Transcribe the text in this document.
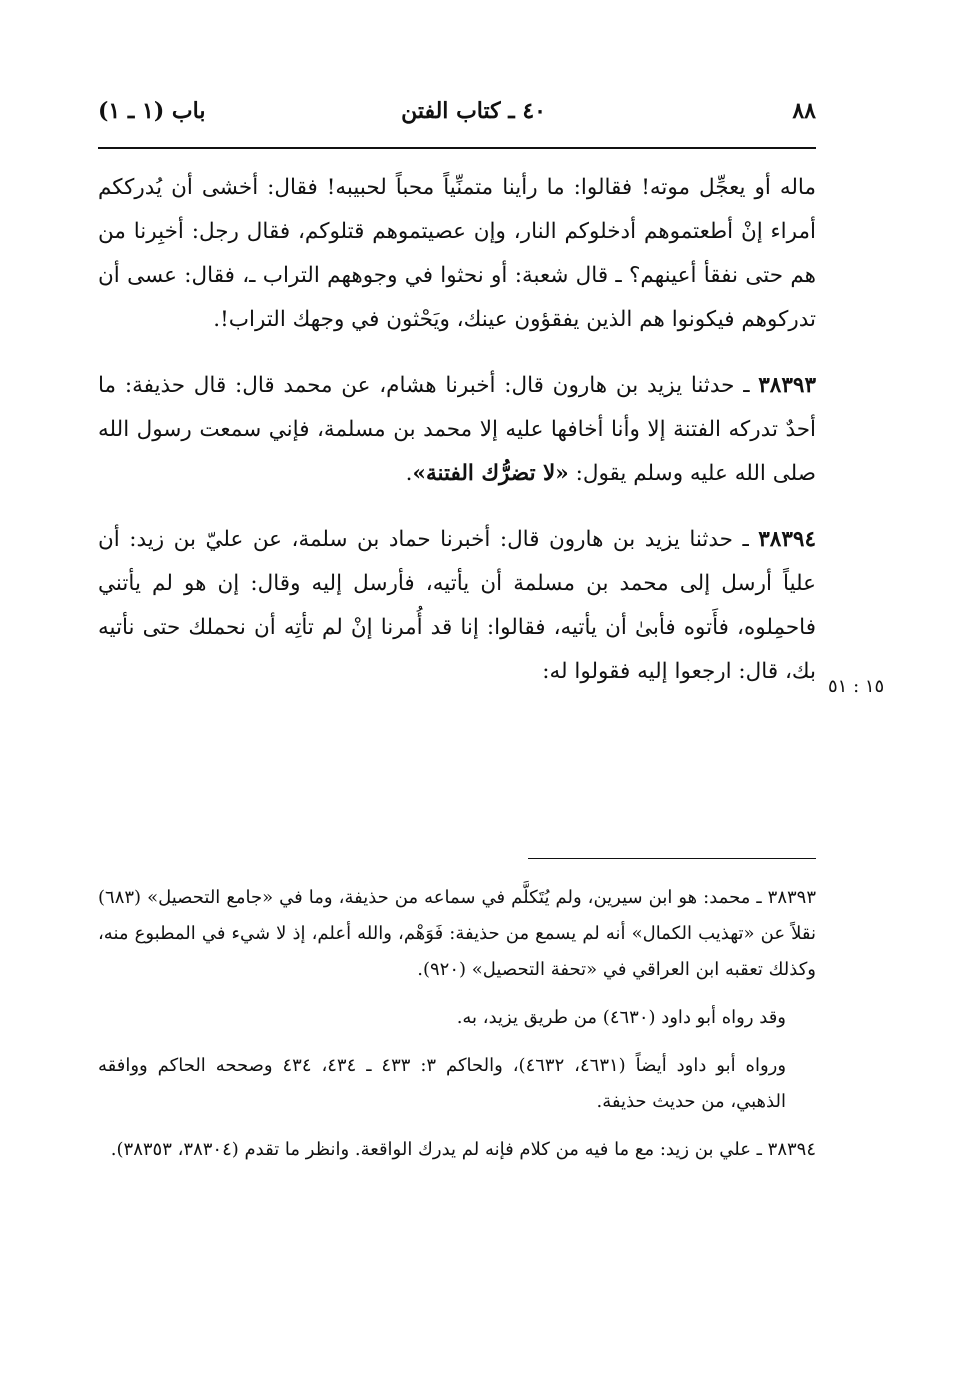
٨٨
٤٠ ـ كتاب الفتن
باب (١ ـ ١)

ماله أو يعجِّل موته! فقالوا: ما رأينا متمنِّياً محباً لحبيبه! فقال: أخشى أن يُدرككم أمراء إنْ أطعتموهم أدخلوكم النار، وإن عصيتموهم قتلوكم، فقال رجل: أخبِرنا من هم حتى نفقأ أعينهم؟ ـ قال شعبة: أو نحثوا في وجوههم التراب ـ، فقال: عسى أن تدركوهم فيكونوا هم الذين يفقؤون عينك، ويَحْثون في وجهك التراب!.

٣٨٣٩٣ ـ حدثنا يزيد بن هارون قال: أخبرنا هشام، عن محمد قال: قال حذيفة: ما أحدٌ تدركه الفتنة إلا وأنا أخافها عليه إلا محمد بن مسلمة، فإني سمعت رسول الله صلى الله عليه وسلم يقول: «لا تضرُّك الفتنة».

٣٨٣٩٤ ـ حدثنا يزيد بن هارون قال: أخبرنا حماد بن سلمة، عن عليّ بن زيد: أن علياً أرسل إلى محمد بن مسلمة أن يأتيه، فأرسل إليه وقال: إن هو لم يأتني فاحمِلوه، فأَتوه فأبىٰ أن يأتيه، فقالوا: إنا قد أُمرنا إنْ لم تأتِه أن نحملك حتى نأتيه بك، قال: ارجعوا إليه فقولوا له:

١٥ : ٥١

٣٨٣٩٣ ـ محمد: هو ابن سيرين، ولم يُتَكلَّم في سماعه من حذيفة، وما في «جامع التحصيل» (٦٨٣) نقلاً عن «تهذيب الكمال» أنه لم يسمع من حذيفة: فَوَهْم، والله أعلم، إذ لا شيء في المطبوع منه، وكذلك تعقبه ابن العراقي في «تحفة التحصيل» (٩٢٠).

وقد رواه أبو داود (٤٦٣٠) من طريق يزيد، به.

ورواه أبو داود أيضاً (٤٦٣١، ٤٦٣٢)، والحاكم ٣: ٤٣٣ ـ ٤٣٤، ٤٣٤ وصححه الحاكم ووافقه الذهبي، من حديث حذيفة.

٣٨٣٩٤ ـ علي بن زيد: مع ما فيه من كلام فإنه لم يدرك الواقعة. وانظر ما تقدم (٣٨٣٠٤، ٣٨٣٥٣).
